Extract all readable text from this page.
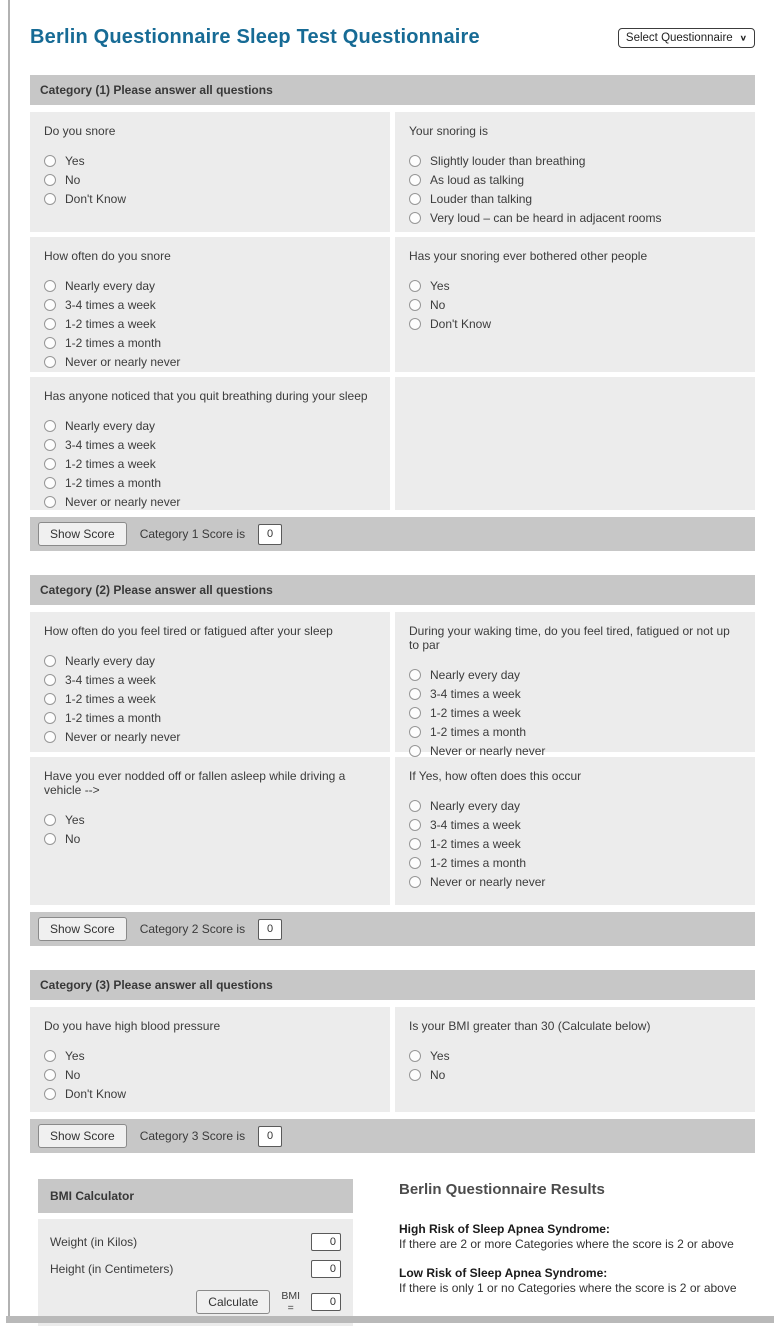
Berlin Questionnaire Sleep Test Questionnaire	Select Questionnaire ∨
Category (1) Please answer all questions
Do you snore
Yes
No
Don't Know
Your snoring is
Slightly louder than breathing
As loud as talking
Louder than talking
Very loud – can be heard in adjacent rooms
How often do you snore
Nearly every day
3-4 times a week
1-2 times a week
1-2 times a month
Never or nearly never
Has your snoring ever bothered other people
Yes
No
Don't Know
Has anyone noticed that you quit breathing during your sleep
Nearly every day
3-4 times a week
1-2 times a week
1-2 times a month
Never or nearly never
Show Score	Category 1 Score is
0
Category (2) Please answer all questions
How often do you feel tired or fatigued after your sleep
Nearly every day
3-4 times a week
1-2 times a week
1-2 times a month
Never or nearly never
During your waking time, do you feel tired, fatigued or not up to par
Nearly every day
3-4 times a week
1-2 times a week
1-2 times a month
Never or nearly never
Have you ever nodded off or fallen asleep while driving a vehicle -->
Yes
No
If Yes, how often does this occur
Nearly every day
3-4 times a week
1-2 times a week
1-2 times a month
Never or nearly never
Show Score	Category 2 Score is
0
Category (3) Please answer all questions
Do you have high blood pressure
Yes
No
Don't Know
Is your BMI greater than 30 (Calculate below)
Yes
No
Show Score	Category 3 Score is
0
BMI Calculator
Weight (in Kilos)
0
Height (in Centimeters)
0
Calculate	BMI
=
0
Berlin Questionnaire Results
High Risk of Sleep Apnea Syndrome:
If there are 2 or more Categories where the score is 2 or above
Low Risk of Sleep Apnea Syndrome:
If there is only 1 or no Categories where the score is 2 or above
